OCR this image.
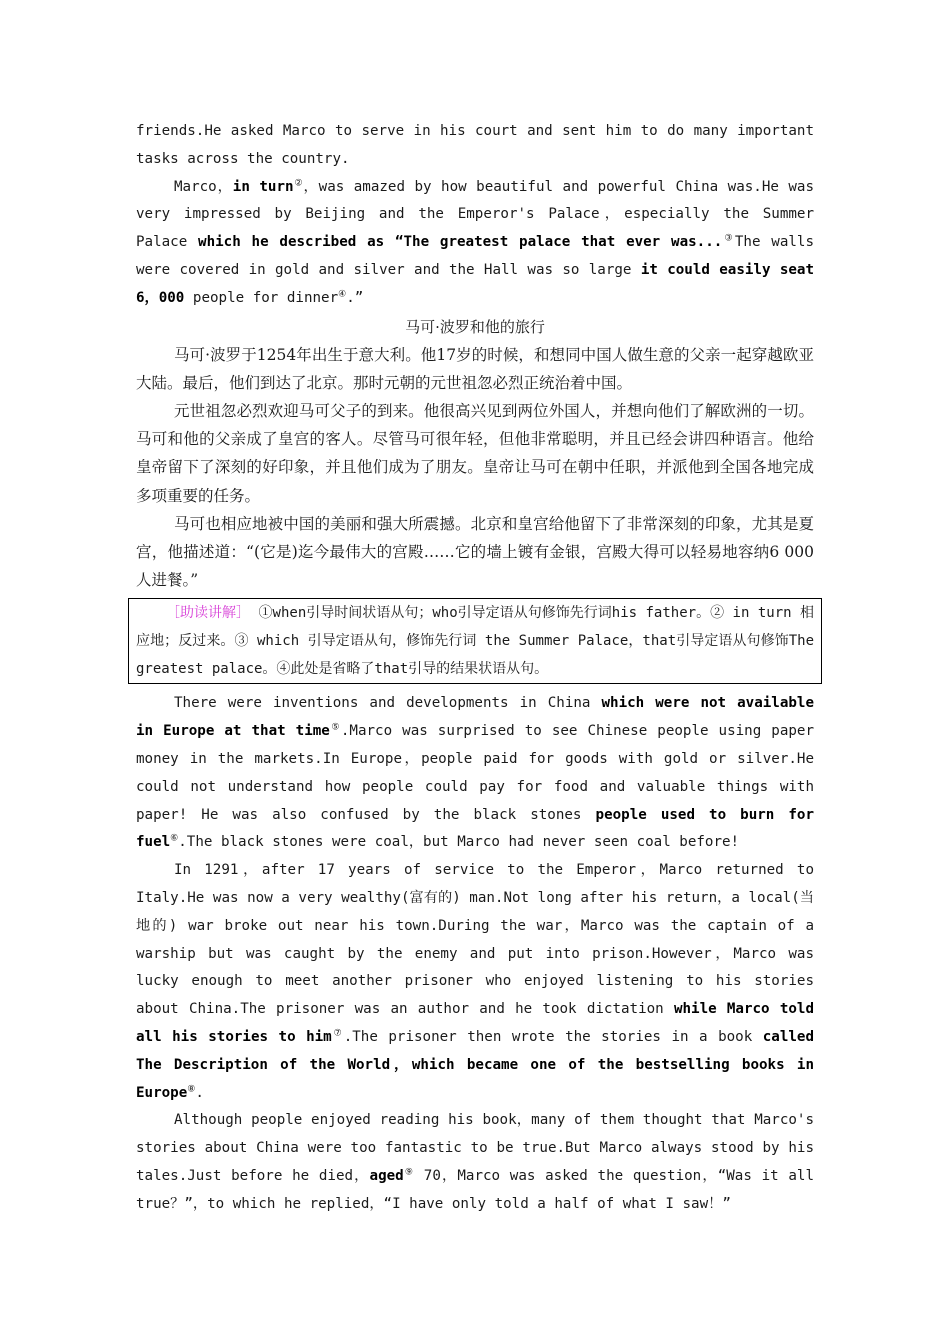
friends.He asked Marco to serve in his court and sent him to do many important tasks across the country.

Marco，in turn②，was amazed by how beautiful and powerful China was.He was very impressed by Beijing and the Emperor's Palace，especially the Summer Palace which he described as “The greatest palace that ever was...③The walls were covered in gold and silver and the Hall was so large it could easily seat 6，000 people for dinner④.”

马可·波罗和他的旅行

马可·波罗于1254年出生于意大利。他17岁的时候，和想同中国人做生意的父亲一起穿越欧亚大陆。最后，他们到达了北京。那时元朝的元世祖忽必烈正统治着中国。

元世祖忽必烈欢迎马可父子的到来。他很高兴见到两位外国人，并想向他们了解欧洲的一切。马可和他的父亲成了皇宫的客人。尽管马可很年轻，但他非常聪明，并且已经会讲四种语言。他给皇帝留下了深刻的好印象，并且他们成为了朋友。皇帝让马可在朝中任职，并派他到全国各地完成多项重要的任务。

马可也相应地被中国的美丽和强大所震撼。北京和皇宫给他留下了非常深刻的印象，尤其是夏宫，他描述道：“(它是)迄今最伟大的宫殿……它的墙上镀有金银，宫殿大得可以轻易地容纳6 000人进餐。”

［助读讲解］ ①when引导时间状语从句；who引导定语从句修饰先行词his father。② in turn 相应地；反过来。③ which 引导定语从句，修饰先行词 the Summer Palace，that引导定语从句修饰The greatest palace。④此处是省略了that引导的结果状语从句。

There were inventions and developments in China which were not available in Europe at that time⑤.Marco was surprised to see Chinese people using paper money in the markets.In Europe，people paid for goods with gold or silver.He could not understand how people could pay for food and valuable things with paper! He was also confused by the black stones people used to burn for fuel⑥.The black stones were coal，but Marco had never seen coal before!

In 1291，after 17 years of service to the Emperor，Marco returned to Italy.He was now a very wealthy(富有的) man.Not long after his return，a local(当地的) war broke out near his town.During the war，Marco was the captain of a warship but was caught by the enemy and put into prison.However，Marco was lucky enough to meet another prisoner who enjoyed listening to his stories about China.The prisoner was an author and he took dictation while Marco told all his stories to him⑦.The prisoner then wrote the stories in a book called The Description of the World，which became one of the bestselling books in Europe⑧.

Although people enjoyed reading his book，many of them thought that Marco's stories about China were too fantastic to be true.But Marco always stood by his tales.Just before he died，aged⑨ 70，Marco was asked the question，“Was it all true？”，to which he replied，“I have only told a half of what I saw！”
